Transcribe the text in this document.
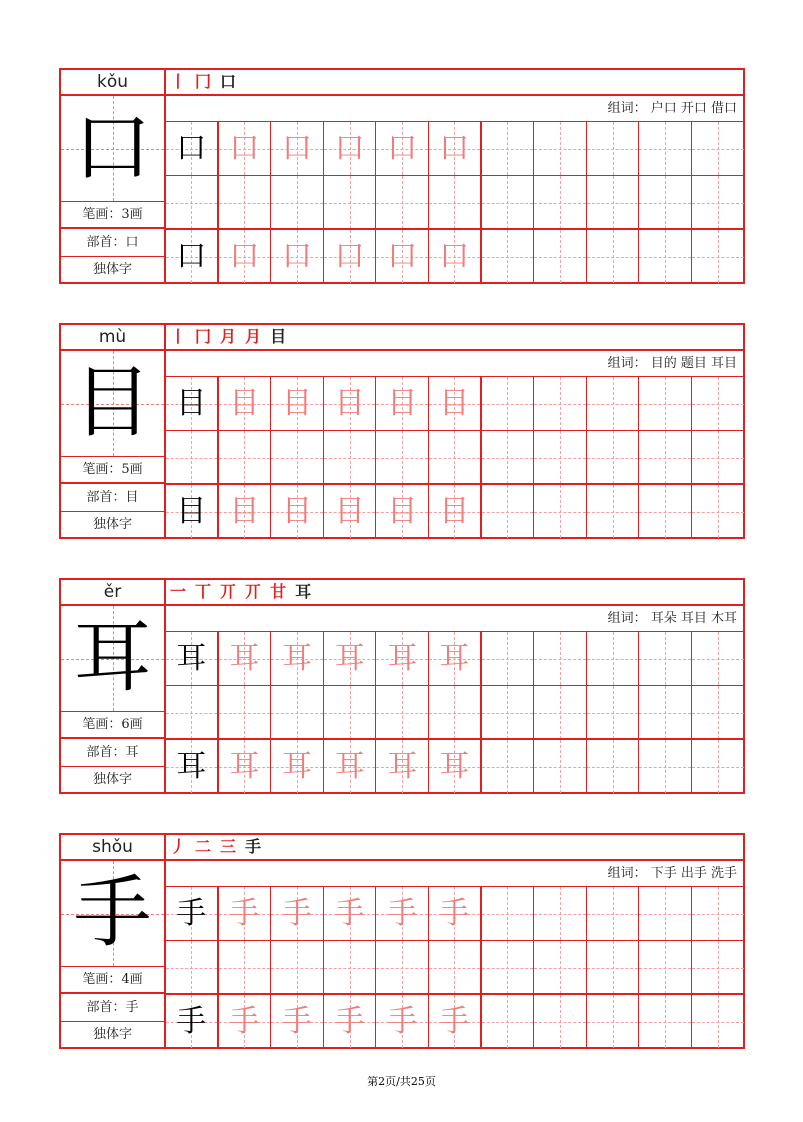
kǒu
口
笔画：3画
部首：口
独体字
丨 冂 口
组词： 户口 开口 借口
口 口 口 口 口 口
口 口 口 口 口 口
mù
目
笔画：5画
部首：目
独体字
丨 冂 月 月 目
组词： 目的 题目 耳目
目 目 目 目 目 目
目 目 目 目 目 目
ěr
耳
笔画：6画
部首：耳
独体字
一 丅 丌 丌 甘 耳
组词： 耳朵 耳目 木耳
耳 耳 耳 耳 耳 耳
耳 耳 耳 耳 耳 耳
shǒu
手
笔画：4画
部首：手
独体字
丿 二 三 手
组词： 下手 出手 洗手
手 手 手 手 手 手
手 手 手 手 手 手
第2页/共25页
